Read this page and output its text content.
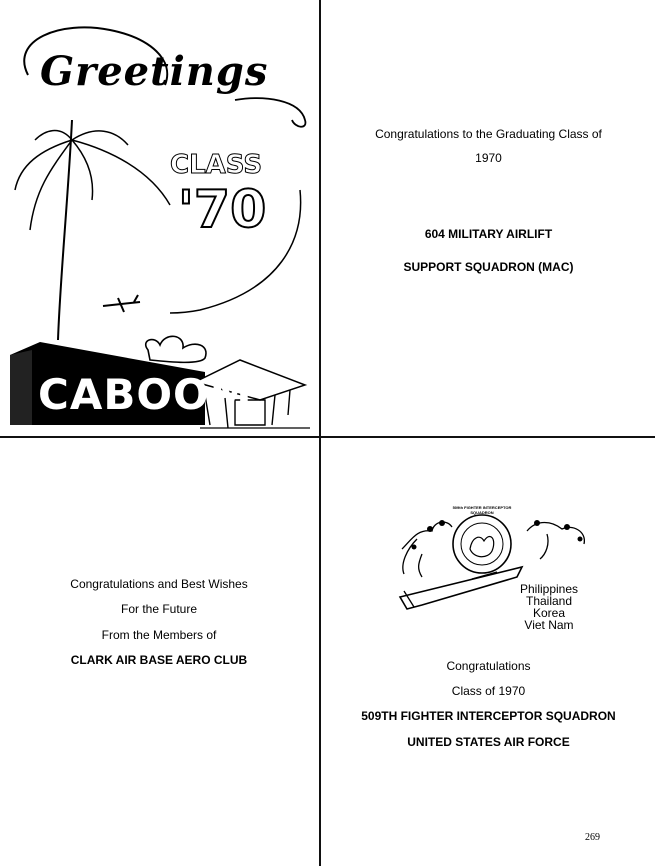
Greetings
CLASS
'70
CABOOM
Congratulations to the Graduating Class of
1970
604 MILITARY AIRLIFT
SUPPORT SQUADRON (MAC)
Congratulations and Best Wishes
For the Future
From the Members of
CLARK AIR BASE AERO CLUB
509th FIGHTER INTERCEPTOR SQUADRON
Philippines
Thailand
Korea
Viet Nam
Congratulations
Class of 1970
509TH FIGHTER INTERCEPTOR SQUADRON
UNITED STATES AIR FORCE
269
